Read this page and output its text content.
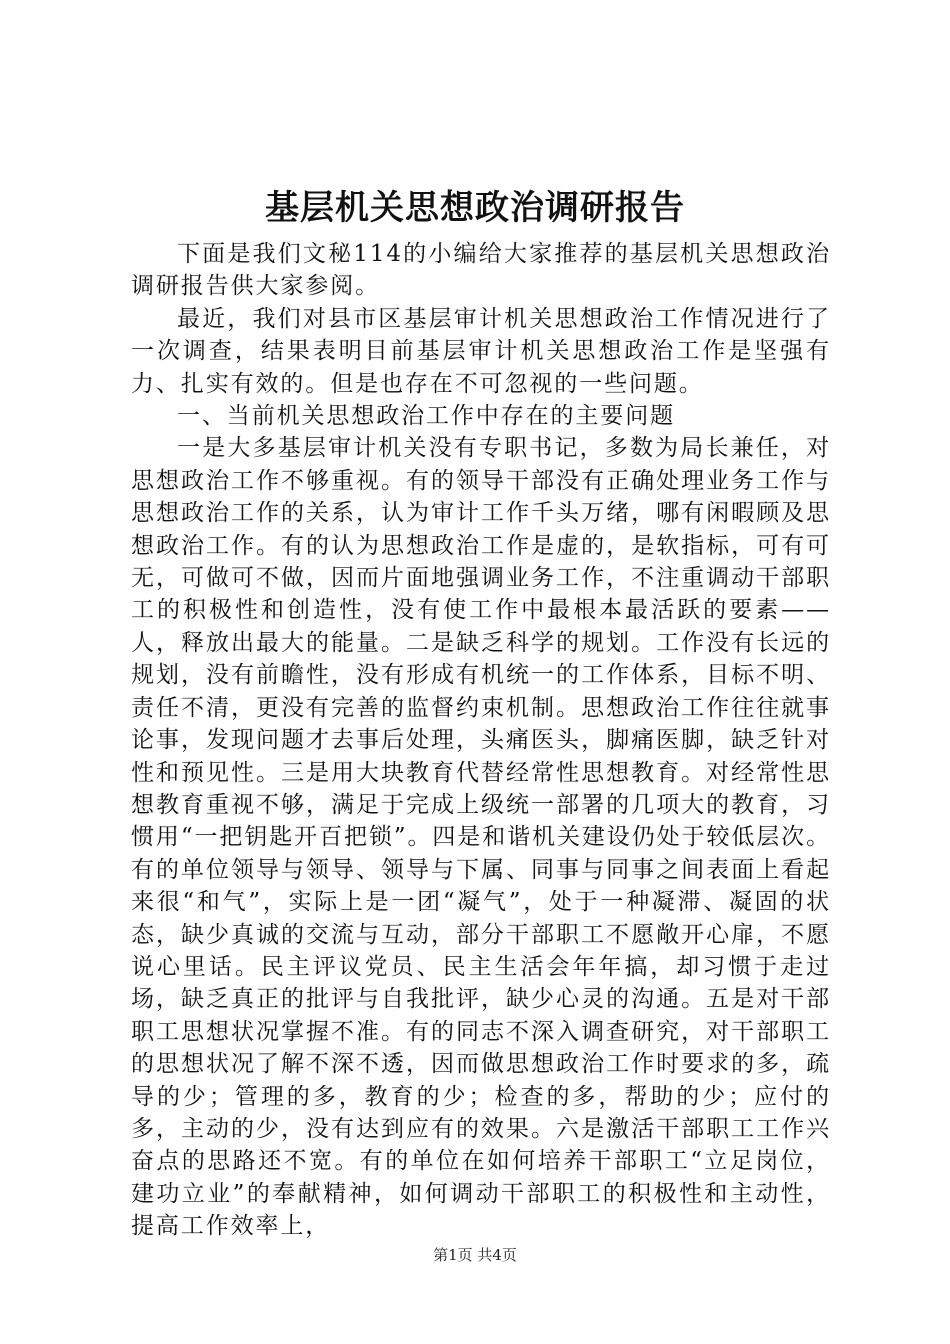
基层机关思想政治调研报告

下面是我们文秘114的小编给大家推荐的基层机关思想政治调研报告供大家参阅。

最近，我们对县市区基层审计机关思想政治工作情况进行了一次调查，结果表明目前基层审计机关思想政治工作是坚强有力、扎实有效的。但是也存在不可忽视的一些问题。

一、当前机关思想政治工作中存在的主要问题

一是大多基层审计机关没有专职书记，多数为局长兼任，对思想政治工作不够重视。有的领导干部没有正确处理业务工作与思想政治工作的关系，认为审计工作千头万绪，哪有闲暇顾及思想政治工作。有的认为思想政治工作是虚的，是软指标，可有可无，可做可不做，因而片面地强调业务工作，不注重调动干部职工的积极性和创造性，没有使工作中最根本最活跃的要素——人，释放出最大的能量。二是缺乏科学的规划。工作没有长远的规划，没有前瞻性，没有形成有机统一的工作体系，目标不明、责任不清，更没有完善的监督约束机制。思想政治工作往往就事论事，发现问题才去事后处理，头痛医头，脚痛医脚，缺乏针对性和预见性。三是用大块教育代替经常性思想教育。对经常性思想教育重视不够，满足于完成上级统一部署的几项大的教育，习惯用“一把钥匙开百把锁”。四是和谐机关建设仍处于较低层次。有的单位领导与领导、领导与下属、同事与同事之间表面上看起来很“和气”，实际上是一团“凝气”，处于一种凝滞、凝固的状态，缺少真诚的交流与互动，部分干部职工不愿敞开心扉，不愿说心里话。民主评议党员、民主生活会年年搞，却习惯于走过场，缺乏真正的批评与自我批评，缺少心灵的沟通。五是对干部职工思想状况掌握不准。有的同志不深入调查研究，对干部职工的思想状况了解不深不透，因而做思想政治工作时要求的多，疏导的少；管理的多，教育的少；检查的多，帮助的少；应付的多，主动的少，没有达到应有的效果。六是激活干部职工工作兴奋点的思路还不宽。有的单位在如何培养干部职工“立足岗位，建功立业”的奉献精神，如何调动干部职工的积极性和主动性，提高工作效率上，

第1页 共4页
